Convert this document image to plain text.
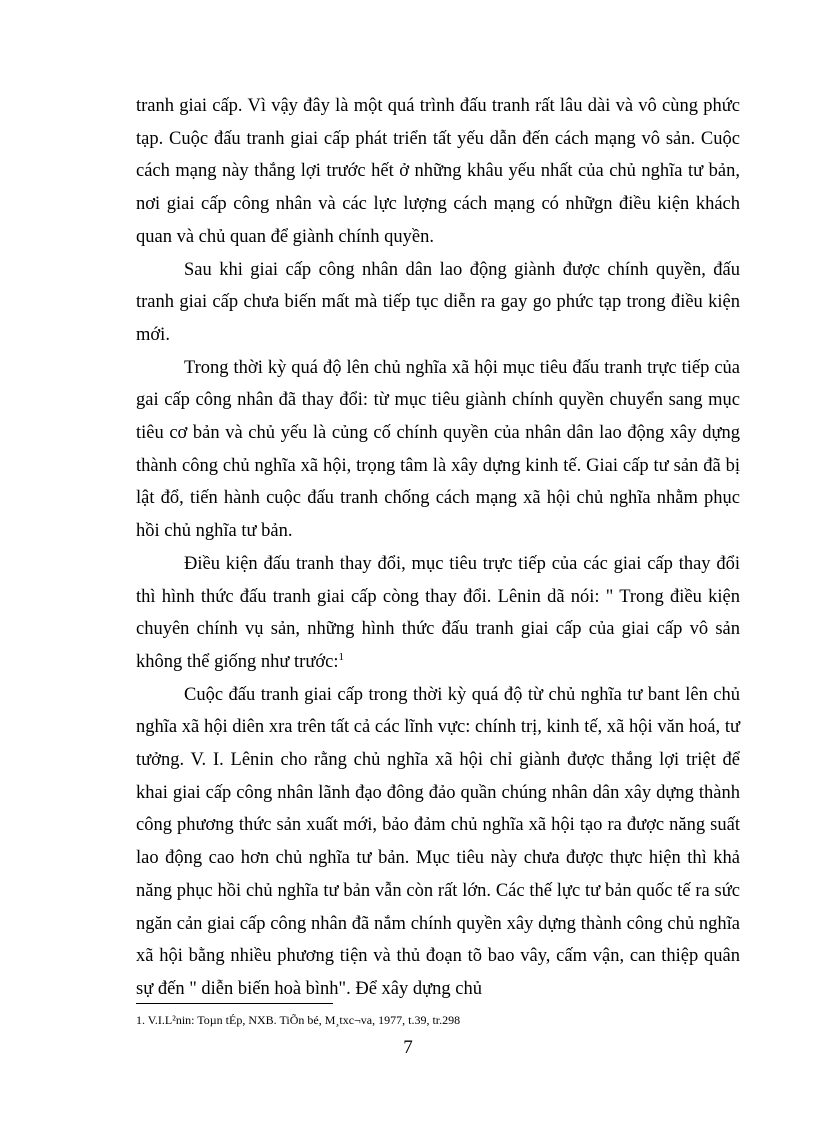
tranh giai cấp. Vì vậy đây là một quá trình đấu tranh rất lâu dài và vô cùng phức tạp. Cuộc đấu tranh giai cấp phát triển tất yếu dẫn đến cách mạng vô sản. Cuộc cách mạng này thắng lợi trước hết ở những khâu yếu nhất của chủ nghĩa tư bản, nơi giai cấp công nhân và các lực lượng cách mạng có nhữgn điều kiện khách quan và chủ quan để giành chính quyền.

Sau khi giai cấp công nhân dân lao động giành được chính quyền, đấu tranh giai cấp chưa biến mất mà tiếp tục diễn ra gay go phức tạp trong điều kiện mới.

Trong thời kỳ quá độ lên chủ nghĩa xã hội mục tiêu đấu tranh trực tiếp của gai cấp công nhân đã thay đổi: từ mục tiêu giành chính quyền chuyển sang mục tiêu cơ bản và chủ yếu là củng cố chính quyền của nhân dân lao động xây dựng thành công chủ nghĩa xã hội, trọng tâm là xây dựng kinh tế. Giai cấp tư sản đã bị lật đổ, tiến hành cuộc đấu tranh chống cách mạng xã hội chủ nghĩa nhằm phục hồi chủ nghĩa tư bản.

Điều kiện đấu tranh thay đổi, mục tiêu trực tiếp của các giai cấp thay đổi thì hình thức đấu tranh giai cấp còng thay đổi. Lênin dã nói: " Trong điều kiện chuyên chính vụ sản, những hình thức đấu tranh giai cấp của giai cấp vô sản không thể giống như trước:$^1$

Cuộc đấu tranh giai cấp trong thời kỳ quá độ từ chủ nghĩa tư bant lên chủ nghĩa xã hội diên xra trên tất cả các lĩnh vực: chính trị, kinh tế, xã hội văn hoá, tư tưởng. V. I. Lênin cho rằng chủ nghĩa xã hội chỉ giành được thắng lợi triệt để khai giai cấp công nhân lãnh đạo đông đảo quần chúng nhân dân xây dựng thành công phương thức sản xuất mới, bảo đảm chủ nghĩa xã hội tạo ra được năng suất lao động cao hơn chủ nghĩa tư bản. Mục tiêu này chưa được thực hiện thì khả năng phục hồi chủ nghĩa tư bản vẫn còn rất lớn. Các thế lực tư bản quốc tế ra sức ngăn cản giai cấp công nhân đã nắm chính quyền xây dựng thành công chủ nghĩa xã hội bằng nhiều phương tiện và thủ đoạn tõ bao vây, cấm vận, can thiệp quân sự đến " diễn biến hoà bình". Để xây dựng chủ

1. V.I.L²nin: Toµn tÉp, NXB. TiÕn bé, M¸txc¬va, 1977, t.39, tr.298
7
